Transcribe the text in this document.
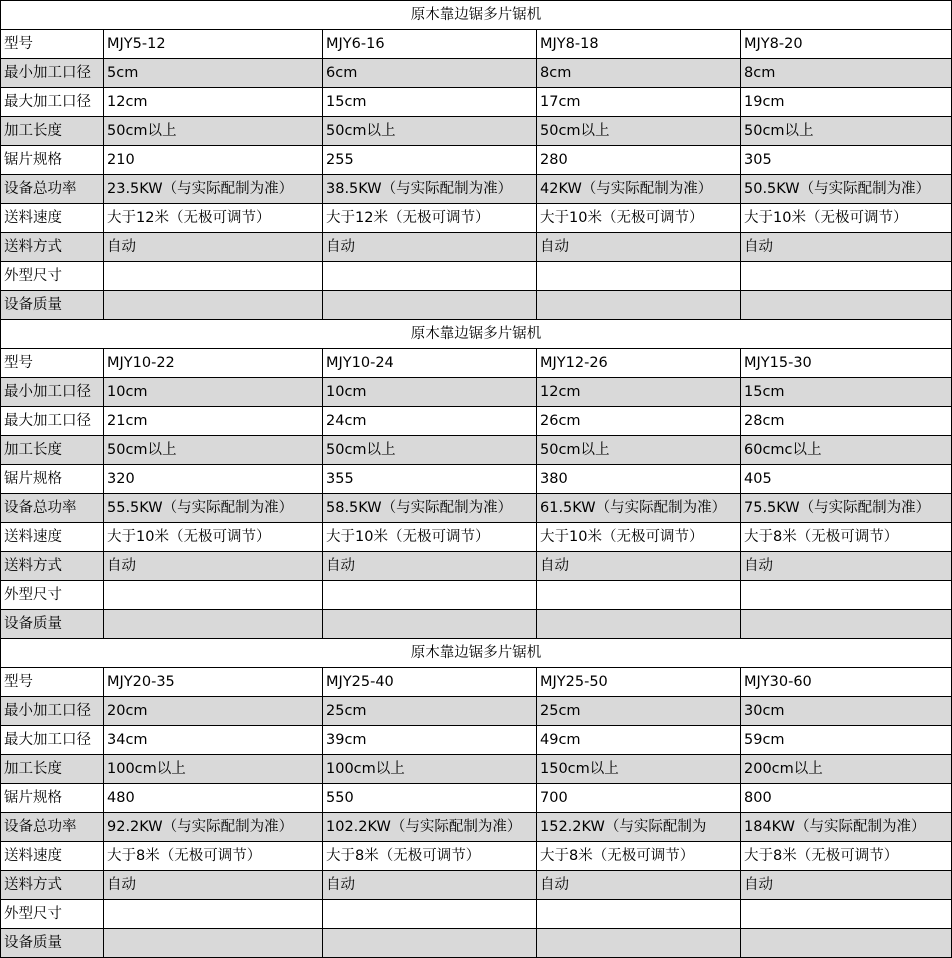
原木靠边锯多片锯机				
型号	MJY5-12	MJY6-16	MJY8-18	MJY8-20
最小加工口径	5cm	6cm	8cm	8cm
最大加工口径	12cm	15cm	17cm	19cm
加工长度	50cm以上	50cm以上	50cm以上	50cm以上
锯片规格	210	255	280	305
设备总功率	23.5KW（与实际配制为准）	38.5KW（与实际配制为准）	42KW（与实际配制为准）	50.5KW（与实际配制为准）
送料速度	大于12米（无极可调节）	大于12米（无极可调节）	大于10米（无极可调节）	大于10米（无极可调节）
送料方式	自动	自动	自动	自动
外型尺寸				
设备质量				
原木靠边锯多片锯机				
型号	MJY10-22	MJY10-24	MJY12-26	MJY15-30
最小加工口径	10cm	10cm	12cm	15cm
最大加工口径	21cm	24cm	26cm	28cm
加工长度	50cm以上	50cm以上	50cm以上	60cmc以上
锯片规格	320	355	380	405
设备总功率	55.5KW（与实际配制为准）	58.5KW（与实际配制为准）	61.5KW（与实际配制为准）	75.5KW（与实际配制为准）
送料速度	大于10米（无极可调节）	大于10米（无极可调节）	大于10米（无极可调节）	大于8米（无极可调节）
送料方式	自动	自动	自动	自动
外型尺寸				
设备质量				
原木靠边锯多片锯机				
型号	MJY20-35	MJY25-40	MJY25-50	MJY30-60
最小加工口径	20cm	25cm	25cm	30cm
最大加工口径	34cm	39cm	49cm	59cm
加工长度	100cm以上	100cm以上	150cm以上	200cm以上
锯片规格	480	550	700	800
设备总功率	92.2KW（与实际配制为准）	102.2KW（与实际配制为准）	152.2KW（与实际配制为	184KW（与实际配制为准）
送料速度	大于8米（无极可调节）	大于8米（无极可调节）	大于8米（无极可调节）	大于8米（无极可调节）
送料方式	自动	自动	自动	自动
外型尺寸				
设备质量				
